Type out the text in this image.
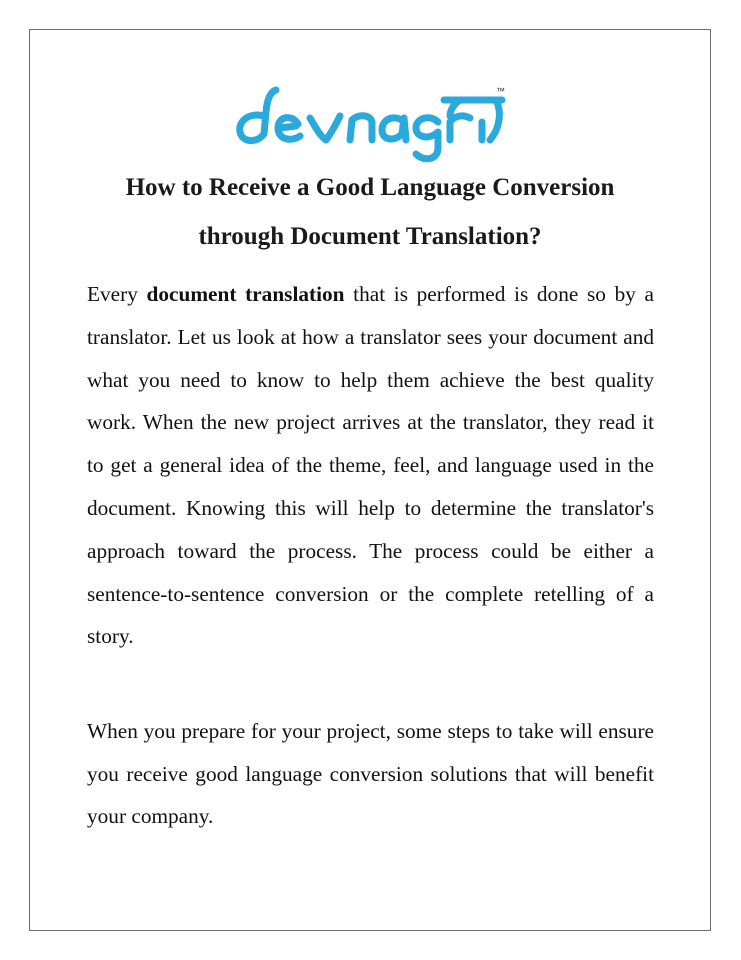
™
How to Receive a Good Language Conversion
through Document Translation?

Every document translation that is performed is done so by a translator. Let us look at how a translator sees your document and what you need to know to help them achieve the best quality work. When the new project arrives at the translator, they read it to get a general idea of the theme, feel, and language used in the document. Knowing this will help to determine the translator's approach toward the process. The process could be either a sentence-to-sentence conversion or the complete retelling of a story.

When you prepare for your project, some steps to take will ensure you receive good language conversion solutions that will benefit your company.
